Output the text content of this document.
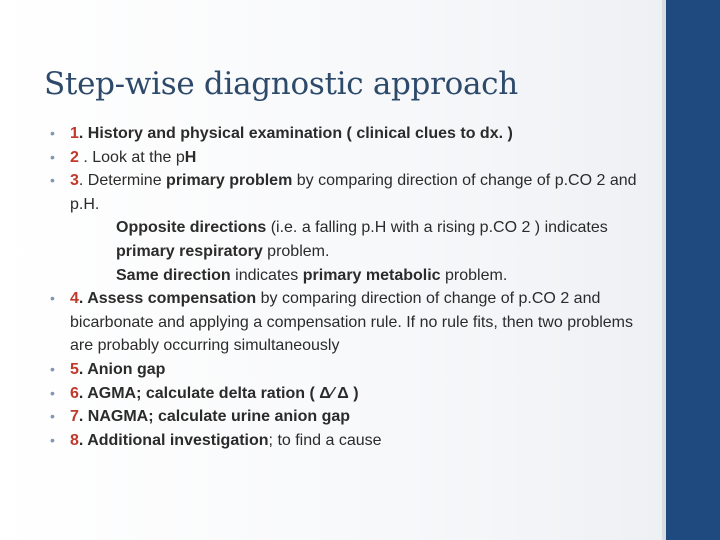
Step-wise diagnostic approach
• 1. History and physical examination ( clinical clues to dx. )
• 2 . Look at the pH
• 3. Determine primary problem by comparing direction of change of p.CO 2 and p.H.
Opposite directions (i.e. a falling p.H with a rising p.CO 2 ) indicates primary respiratory problem.
Same direction indicates primary metabolic problem.
• 4. Assess compensation by comparing direction of change of p.CO 2 and bicarbonate and applying a compensation rule. If no rule fits, then two problems are probably occurring simultaneously
• 5. Anion gap
• 6. AGMA; calculate delta ration ( Δ⁄ Δ )
• 7. NAGMA; calculate urine anion gap
• 8. Additional investigation; to find a cause
